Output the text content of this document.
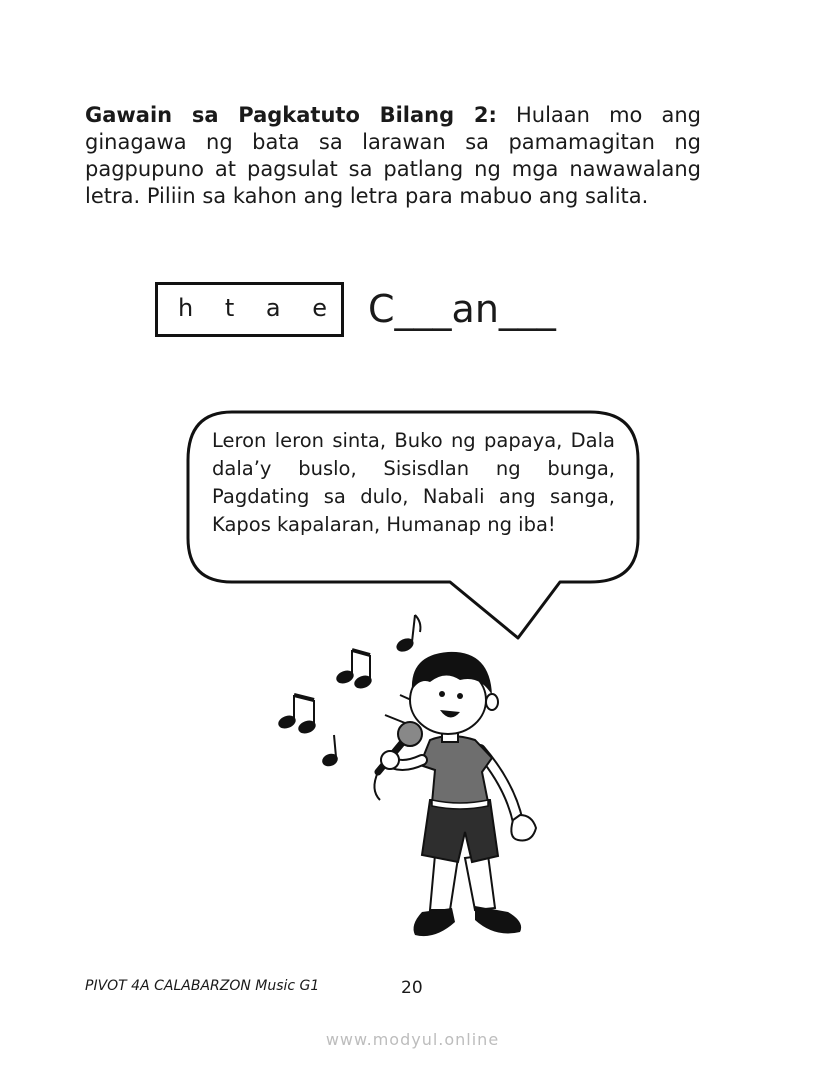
Gawain sa Pagkatuto Bilang 2: Hulaan mo ang ginagawa ng bata sa larawan sa pamamagitan ng pagpupuno at pagsulat sa patlang ng mga nawawalang letra. Piliin sa kahon ang letra para mabuo ang salita.

h t a e C___an___

Leron leron sinta, Buko ng papaya, Dala dala’y buslo, Sisisdlan ng bunga, Pagdating sa dulo, Nabali ang sanga, Kapos kapalaran, Humanap ng iba!

PIVOT 4A CALABARZON Music G1	20
www.modyul.online
